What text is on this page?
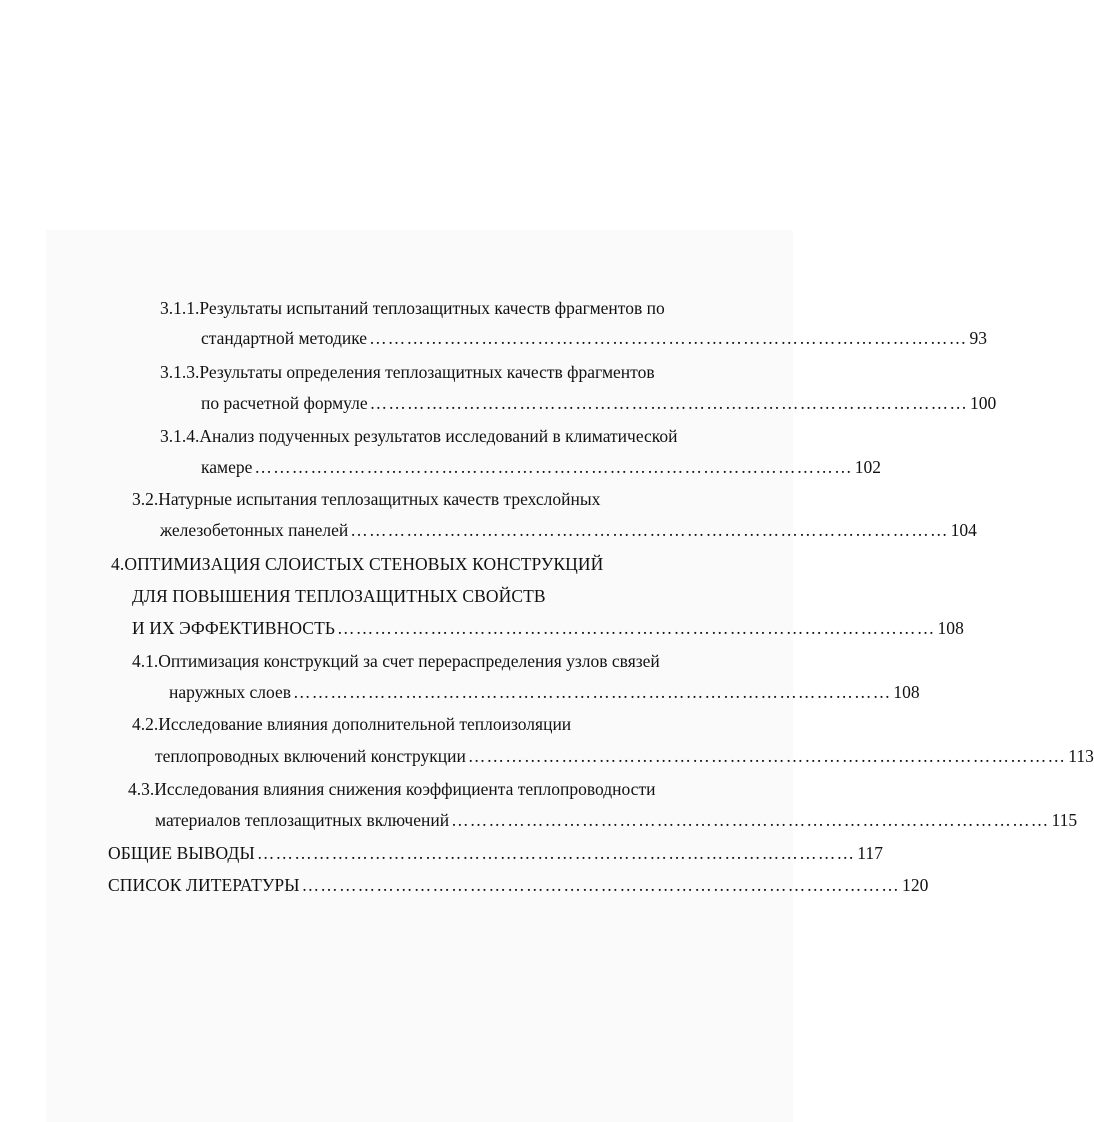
3.1.1.Результаты испытаний теплозащитных качеств фрагментов по
стандартной методике …………………………………………………………………………………… 93
3.1.3.Результаты определения теплозащитных качеств фрагментов
по расчетной формуле …………………………………………………………………………………… 100
3.1.4.Анализ подученных результатов исследований в климатической
камере …………………………………………………………………………………… 102
3.2.Натурные испытания теплозащитных качеств трехслойных
железобетонных панелей …………………………………………………………………………………… 104
4.ОПТИМИЗАЦИЯ СЛОИСТЫХ СТЕНОВЫХ КОНСТРУКЦИЙ
ДЛЯ ПОВЫШЕНИЯ ТЕПЛОЗАЩИТНЫХ СВОЙСТВ
И ИХ ЭФФЕКТИВНОСТЬ …………………………………………………………………………………… 108
4.1.Оптимизация конструкций за счет перераспределения узлов связей
наружных слоев …………………………………………………………………………………… 108
4.2.Исследование влияния дополнительной теплоизоляции
теплопроводных включений конструкции …………………………………………………………………………………… 113
4.3.Исследования влияния снижения коэффициента теплопроводности
материалов теплозащитных включений …………………………………………………………………………………… 115
ОБЩИЕ ВЫВОДЫ …………………………………………………………………………………… 117
СПИСОК ЛИТЕРАТУРЫ …………………………………………………………………………………… 120
